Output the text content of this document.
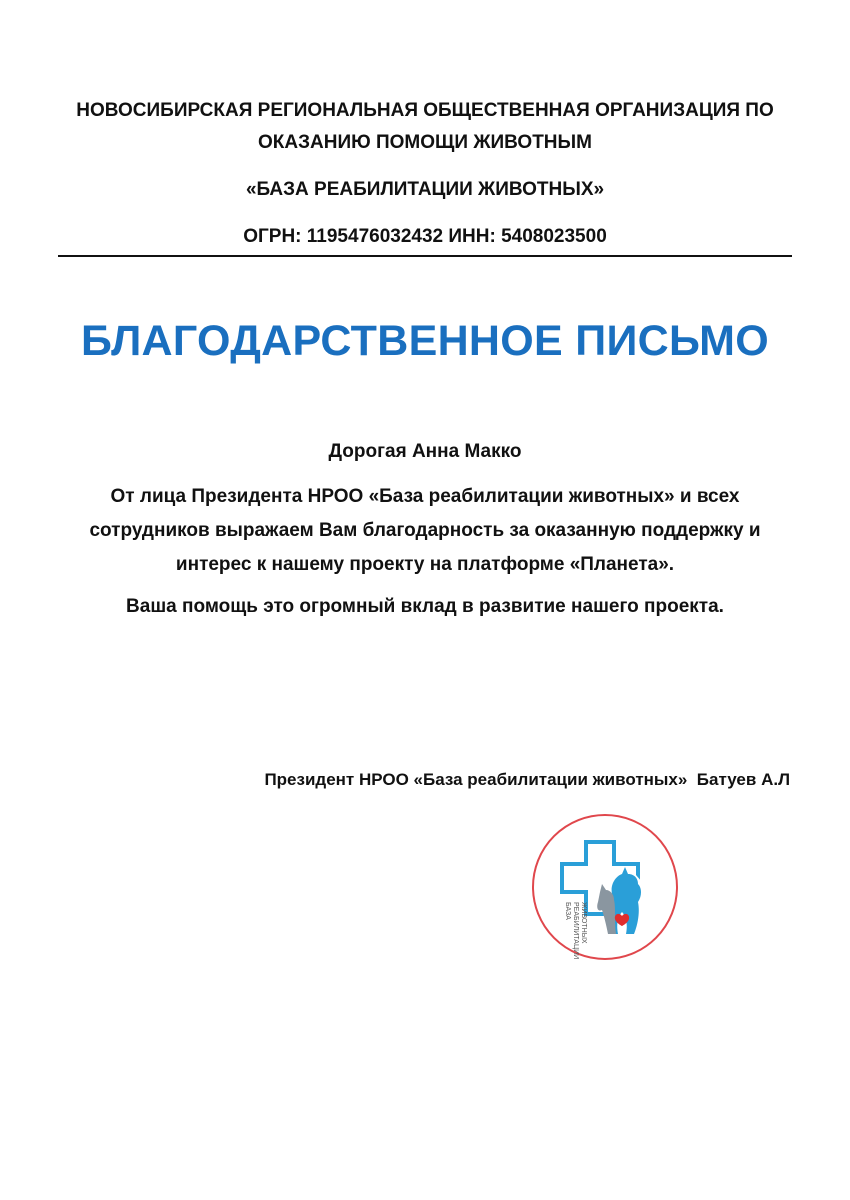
НОВОСИБИРСКАЯ РЕГИОНАЛЬНАЯ ОБЩЕСТВЕННАЯ ОРГАНИЗАЦИЯ ПО

ОКАЗАНИЮ ПОМОЩИ ЖИВОТНЫМ

«БАЗА РЕАБИЛИТАЦИИ ЖИВОТНЫХ»

ОГРН: 1195476032432 ИНН: 5408023500

БЛАГОДАРСТВЕННОЕ ПИСЬМО

Дорогая Анна Макко

От лица Президента НРОО «База реабилитации животных» и всех
сотрудников выражаем Вам благодарность за оказанную поддержку и
интерес к нашему проекту на платформе «Планета».

Ваша помощь это огромный вклад в развитие нашего проекта.

Президент НРОО «База реабилитации животных»  Батуев А.Л

БАЗА РЕАБИЛИТАЦИИ ЖИВОТНЫХ
